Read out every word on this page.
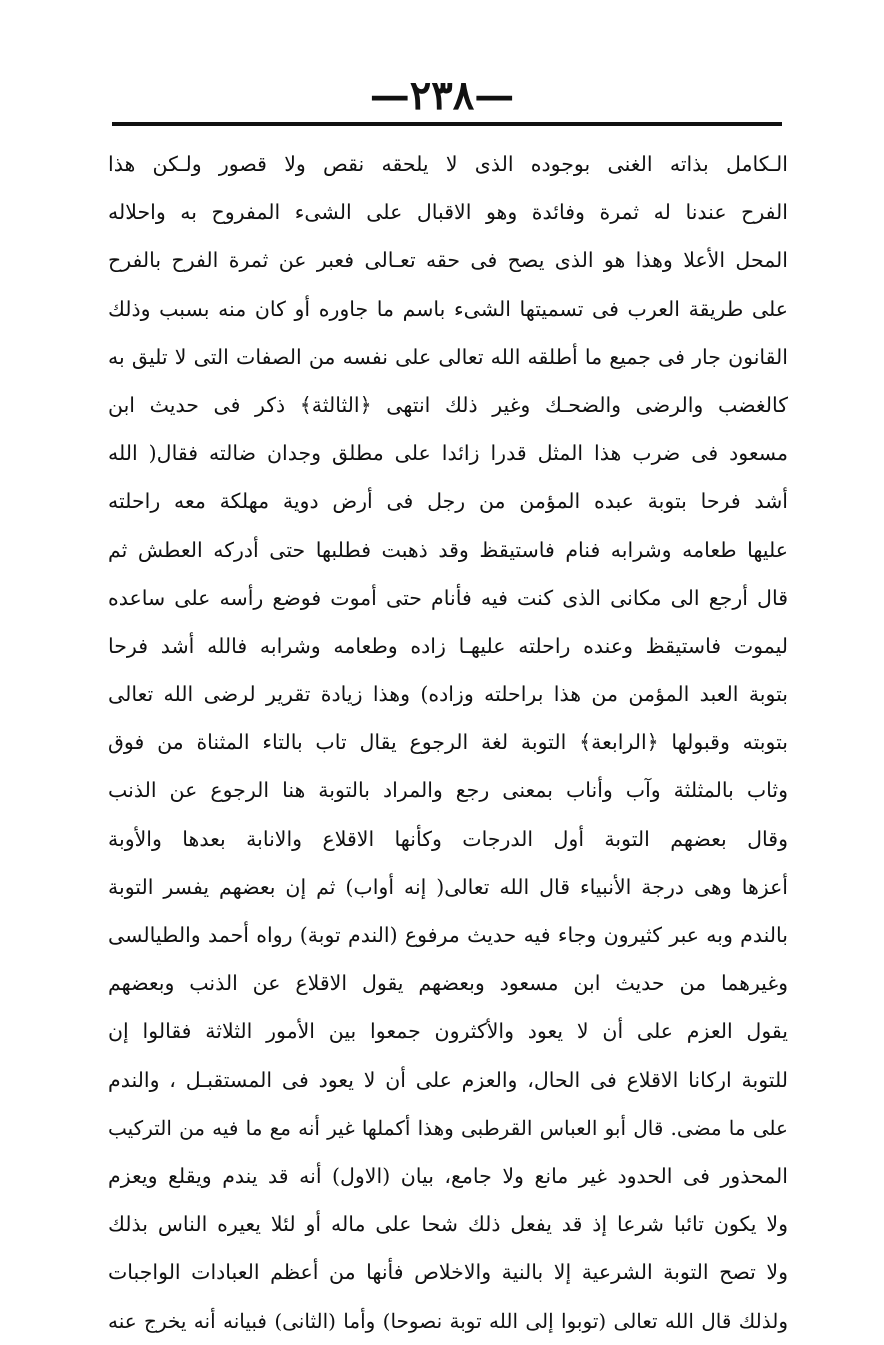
—٢٣٨—
الـكامل بذاته الغنى بوجوده الذى لا يلحقه نقص ولا قصور ولـكن هذا
الفرح عندنا له ثمرة وفائدة وهو الاقبال على الشىء المفروح به واحلاله
المحل الأعلا وهذا هو الذى يصح فى حقه تعـالى فعبر عن ثمرة الفرح بالفرح
على طريقة العرب فى تسميتها الشىء باسم ما جاوره أو كان منه بسبب وذلك
القانون جار فى جميع ما أطلقه الله تعالى على نفسه من الصفات التى لا تليق به
كالغضب والرضى والضحـك وغير ذلك انتهى ﴿الثالثة﴾ ذكر فى حديث ابن
مسعود فى ضرب هذا المثل قدرا زائدا على مطلق وجدان ضالته فقال( الله
أشد فرحا بتوبة عبده المؤمن من رجل فى أرض دوية مهلكة معه راحلته
عليها طعامه وشرابه فنام فاستيقظ وقد ذهبت فطلبها حتى أدركه العطش ثم
قال أرجع الى مكانى الذى كنت فيه فأنام حتى أموت فوضع رأسه على ساعده
ليموت فاستيقظ وعنده راحلته عليهـا زاده وطعامه وشرابه فالله أشد فرحا
بتوبة العبد المؤمن من هذا براحلته وزاده) وهذا زيادة تقرير لرضى الله تعالى
بتوبته وقبولها ﴿الرابعة﴾ التوبة لغة الرجوع يقال تاب بالتاء المثناة من فوق
وثاب بالمثلثة وآب وأناب بمعنى رجع والمراد بالتوبة هنا الرجوع عن الذنب
وقال بعضهم التوبة أول الدرجات وكأنها الاقلاع والانابة بعدها والأوبة
أعزها وهى درجة الأنبياء قال الله تعالى( إنه أواب) ثم إن بعضهم يفسر التوبة
بالندم وبه عبر كثيرون وجاء فيه حديث مرفوع (الندم توبة) رواه أحمد والطيالسى
وغيرهما من حديث ابن مسعود وبعضهم يقول الاقلاع عن الذنب وبعضهم
يقول العزم على أن لا يعود والأكثرون جمعوا بين الأمور الثلاثة فقالوا إن
للتوبة اركانا الاقلاع فى الحال، والعزم على أن لا يعود فى المستقبـل ، والندم
على ما مضى. قال أبو العباس القرطبى وهذا أكملها غير أنه مع ما فيه من التركيب
المحذور فى الحدود غير مانع ولا جامع، بيان (الاول) أنه قد يندم ويقلع ويعزم
ولا يكون تائبا شرعا إذ قد يفعل ذلك شحا على ماله أو لئلا يعيره الناس بذلك
ولا تصح التوبة الشرعية إلا بالنية والاخلاص فأنها من أعظم العبادات الواجبات
ولذلك قال الله تعالى (توبوا إلى الله توبة نصوحا) وأما (الثانى) فبيانه أنه يخرج عنه
